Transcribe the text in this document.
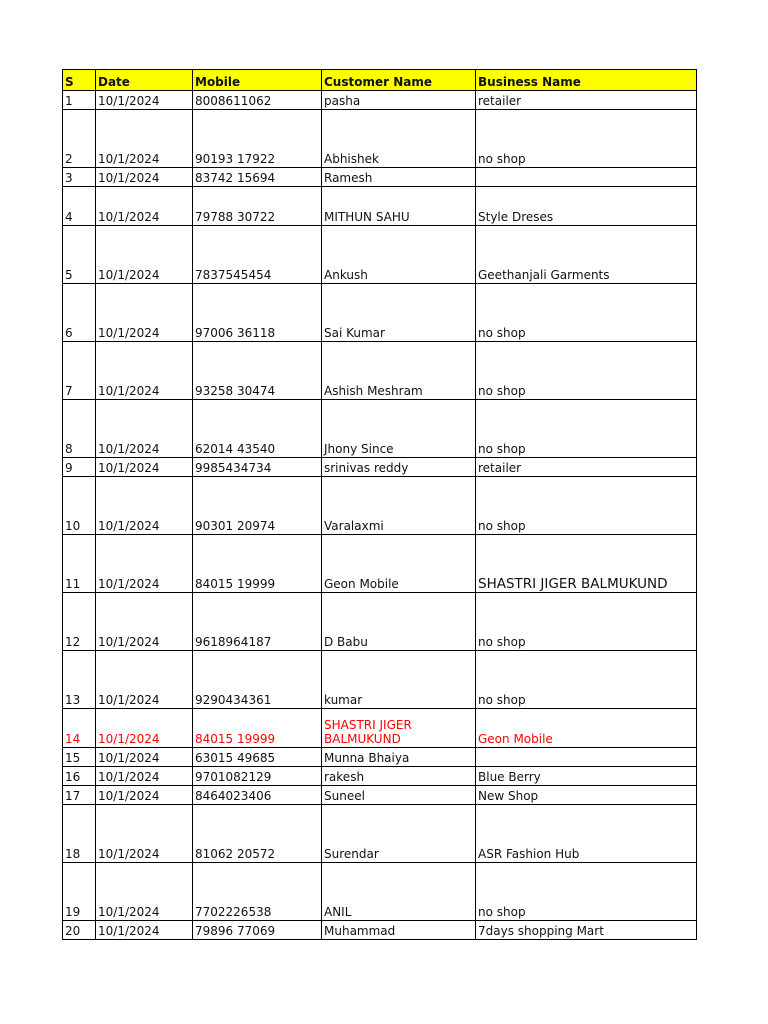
S	Date	Mobile	Customer Name	Business Name
1	10/1/2024	8008611062	pasha	retailer
2	10/1/2024	90193 17922	Abhishek	no shop
3	10/1/2024	83742 15694	Ramesh	
4	10/1/2024	79788 30722	MITHUN SAHU	Style Dreses
5	10/1/2024	7837545454	Ankush	Geethanjali Garments
6	10/1/2024	97006 36118	Sai Kumar	no shop
7	10/1/2024	93258 30474	Ashish Meshram	no shop
8	10/1/2024	62014 43540	Jhony Since	no shop
9	10/1/2024	9985434734	srinivas reddy	retailer
10	10/1/2024	90301 20974	Varalaxmi	no shop
11	10/1/2024	84015 19999	Geon Mobile	SHASTRI JIGER BALMUKUND
12	10/1/2024	9618964187	D Babu	no shop
13	10/1/2024	9290434361	kumar	no shop
14	10/1/2024	84015 19999	SHASTRI JIGER BALMUKUND	Geon Mobile
15	10/1/2024	63015 49685	Munna Bhaiya	
16	10/1/2024	9701082129	rakesh	Blue Berry
17	10/1/2024	8464023406	Suneel	New Shop
18	10/1/2024	81062 20572	Surendar	ASR Fashion Hub
19	10/1/2024	7702226538	ANIL	no shop
20	10/1/2024	79896 77069	Muhammad	7days shopping Mart
